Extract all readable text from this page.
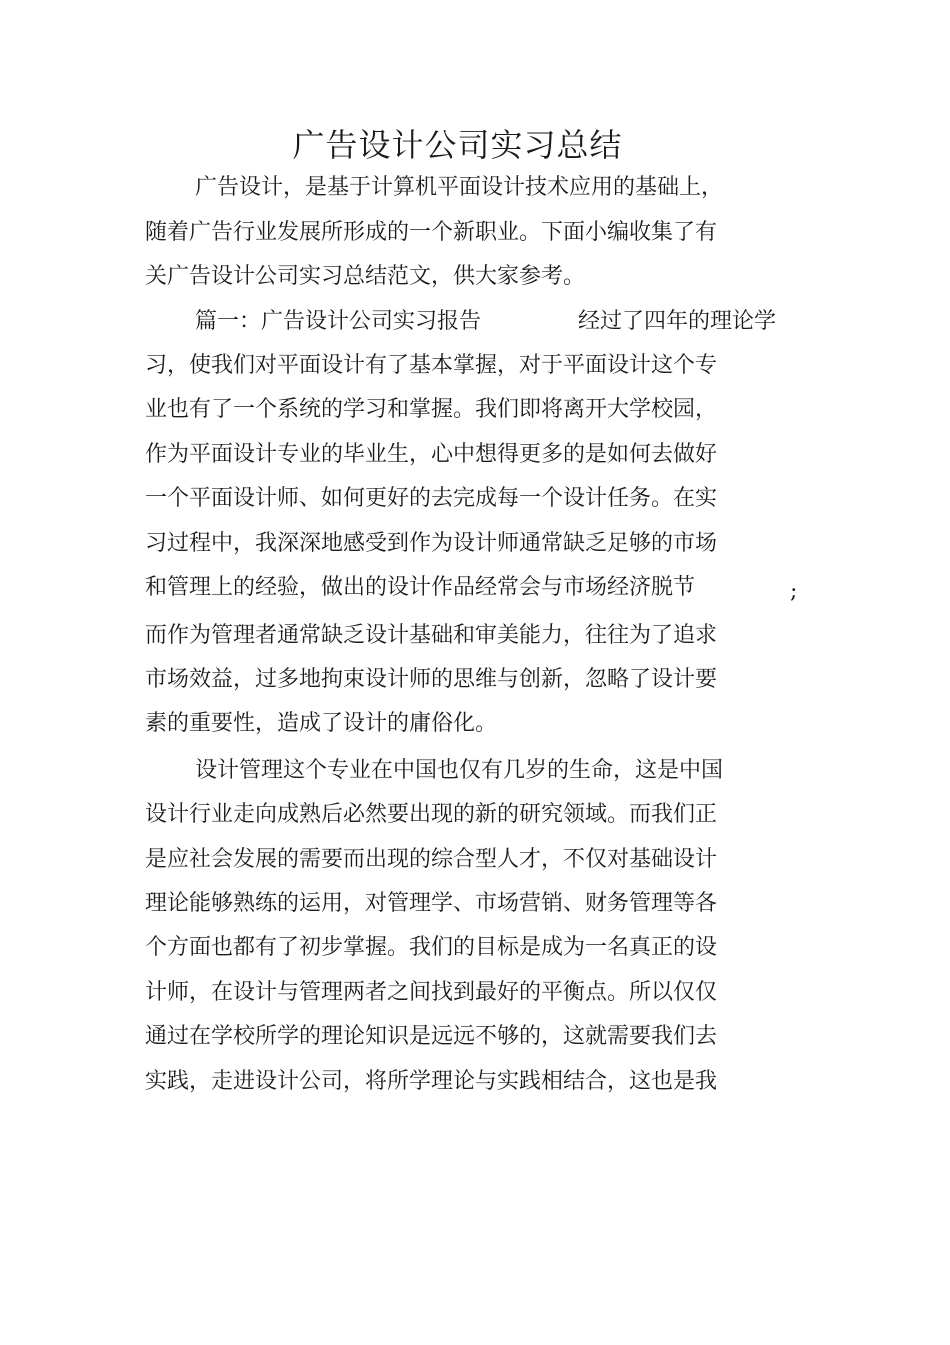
广告设计公司实习总结
广告设计，是基于计算机平面设计技术应用的基础上，
随着广告行业发展所形成的一个新职业。下面小编收集了有
关广告设计公司实习总结范文，供大家参考。
篇一：广告设计公司实习报告	经过了四年的理论学
习，使我们对平面设计有了基本掌握，对于平面设计这个专
业也有了一个系统的学习和掌握。我们即将离开大学校园，
作为平面设计专业的毕业生，心中想得更多的是如何去做好
一个平面设计师、如何更好的去完成每一个设计任务。在实
习过程中，我深深地感受到作为设计师通常缺乏足够的市场
和管理上的经验，做出的设计作品经常会与市场经济脱节	;
而作为管理者通常缺乏设计基础和审美能力，往往为了追求
市场效益，过多地拘束设计师的思维与创新，忽略了设计要
素的重要性，造成了设计的庸俗化。
设计管理这个专业在中国也仅有几岁的生命，这是中国
设计行业走向成熟后必然要出现的新的研究领域。而我们正
是应社会发展的需要而出现的综合型人才，不仅对基础设计
理论能够熟练的运用，对管理学、市场营销、财务管理等各
个方面也都有了初步掌握。我们的目标是成为一名真正的设
计师，在设计与管理两者之间找到最好的平衡点。所以仅仅
通过在学校所学的理论知识是远远不够的，这就需要我们去
实践，走进设计公司，将所学理论与实践相结合，这也是我
